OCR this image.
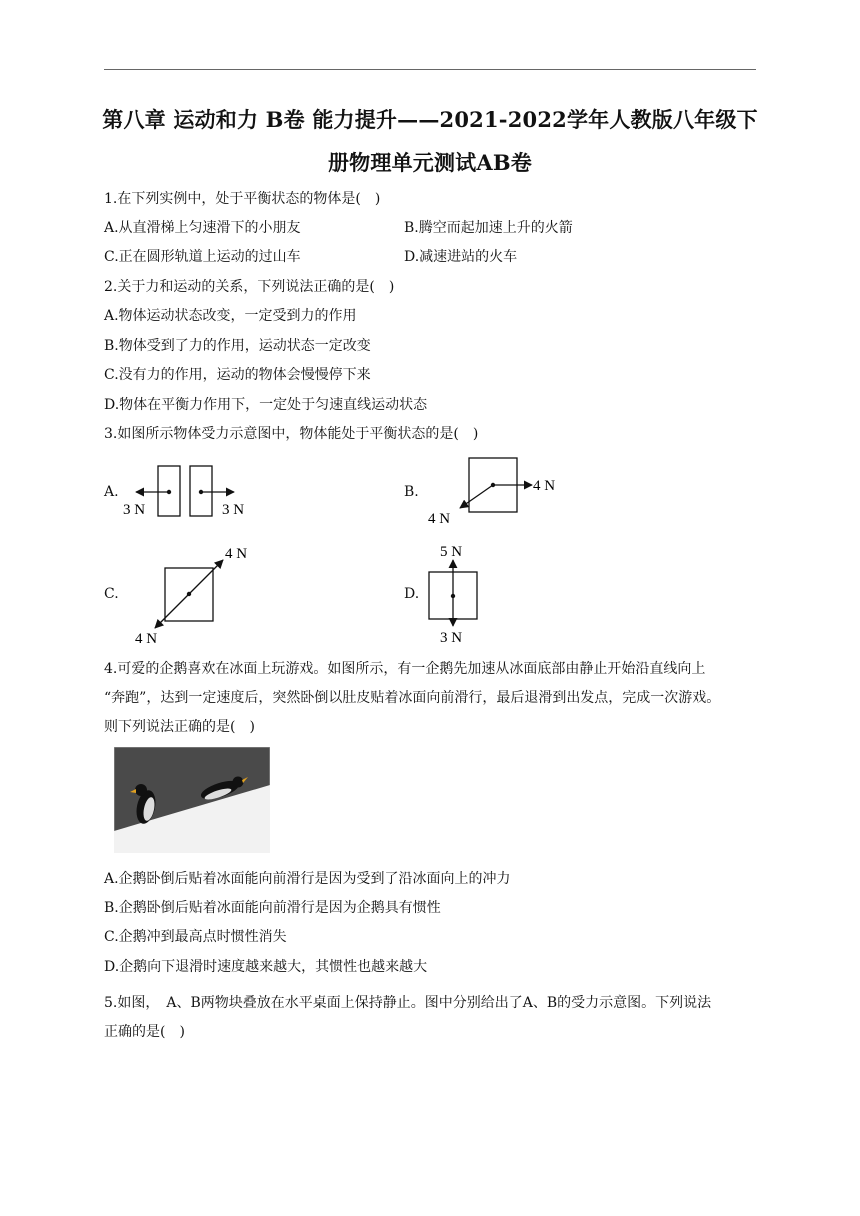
第八章 运动和力 B卷 能力提升——2021-2022学年人教版八年级下
册物理单元测试AB卷
1.在下列实例中，处于平衡状态的物体是(　)
A.从直滑梯上匀速滑下的小朋友	B.腾空而起加速上升的火箭
C.正在圆形轨道上运动的过山车	D.减速进站的火车
2.关于力和运动的关系，下列说法正确的是(　)
A.物体运动状态改变，一定受到力的作用
B.物体受到了力的作用，运动状态一定改变
C.没有力的作用，运动的物体会慢慢停下来
D.物体在平衡力作用下，一定处于匀速直线运动状态
3.如图所示物体受力示意图中，物体能处于平衡状态的是(　)
A.	B.
C.	D.
3 N	3 N
4 N
4 N
4 N
4 N
5 N
3 N
4.可爱的企鹅喜欢在冰面上玩游戏。如图所示，有一企鹅先加速从冰面底部由静止开始沿直线向上
“奔跑”，达到一定速度后，突然卧倒以肚皮贴着冰面向前滑行，最后退滑到出发点，完成一次游戏。
则下列说法正确的是(　)
A.企鹅卧倒后贴着冰面能向前滑行是因为受到了沿冰面向上的冲力
B.企鹅卧倒后贴着冰面能向前滑行是因为企鹅具有惯性
C.企鹅冲到最高点时惯性消失
D.企鹅向下退滑时速度越来越大，其惯性也越来越大
5.如图，　A、B两物块叠放在水平桌面上保持静止。图中分别给出了A、B的受力示意图。下列说法
正确的是(　)
